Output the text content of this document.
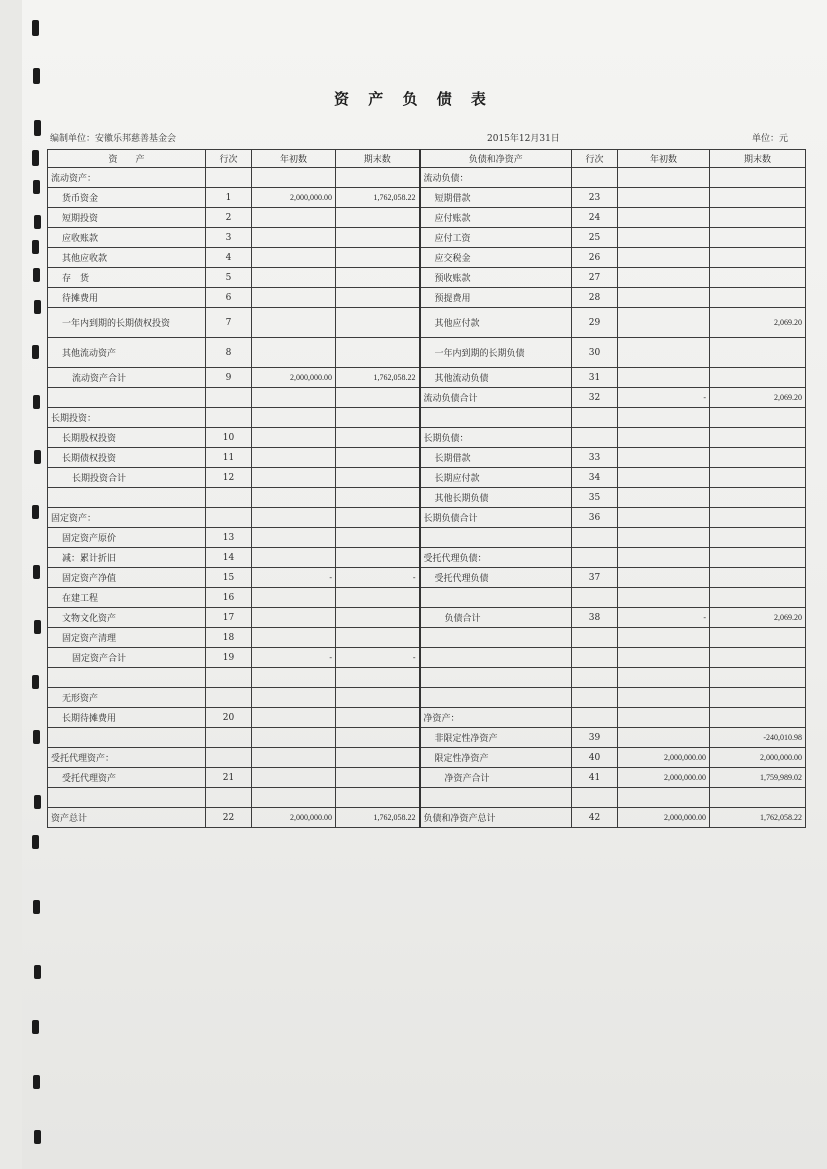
资 产 负 债 表
编制单位：安徽乐邦慈善基金会	2015年12月31日	单位：元
资　　产	行次	年初数	期末数	负债和净资产	行次	年初数	期末数
流动资产：				流动负债：			
货币资金	1	2,000,000.00	1,762,058.22	短期借款	23		
短期投资	2			应付账款	24		
应收账款	3			应付工资	25		
其他应收款	4			应交税金	26		
存　货	5			预收账款	27		
待摊费用	6			预提费用	28		
一年内到期的长期债权投资	7			其他应付款	29		2,069.20
其他流动资产	8			一年内到期的长期负债	30		
流动资产合计	9	2,000,000.00	1,762,058.22	其他流动负债	31		
				流动负债合计	32	-	2,069.20
长期投资：							
长期股权投资	10			长期负债：			
长期债权投资	11			长期借款	33		
长期投资合计	12			长期应付款	34		
				其他长期负债	35		
固定资产：				长期负债合计	36		
固定资产原价	13						
减：累计折旧	14			受托代理负债：			
固定资产净值	15	-	-	受托代理负债	37		
在建工程	16						
文物文化资产	17			负债合计	38	-	2,069.20
固定资产清理	18						
固定资产合计	19	-	-				

无形资产							
长期待摊费用	20			净资产：			
				非限定性净资产	39		-240,010.98
受托代理资产：				限定性净资产	40	2,000,000.00	2,000,000.00
受托代理资产	21			净资产合计	41	2,000,000.00	1,759,989.02

资产总计	22	2,000,000.00	1,762,058.22	负债和净资产总计	42	2,000,000.00	1,762,058.22
